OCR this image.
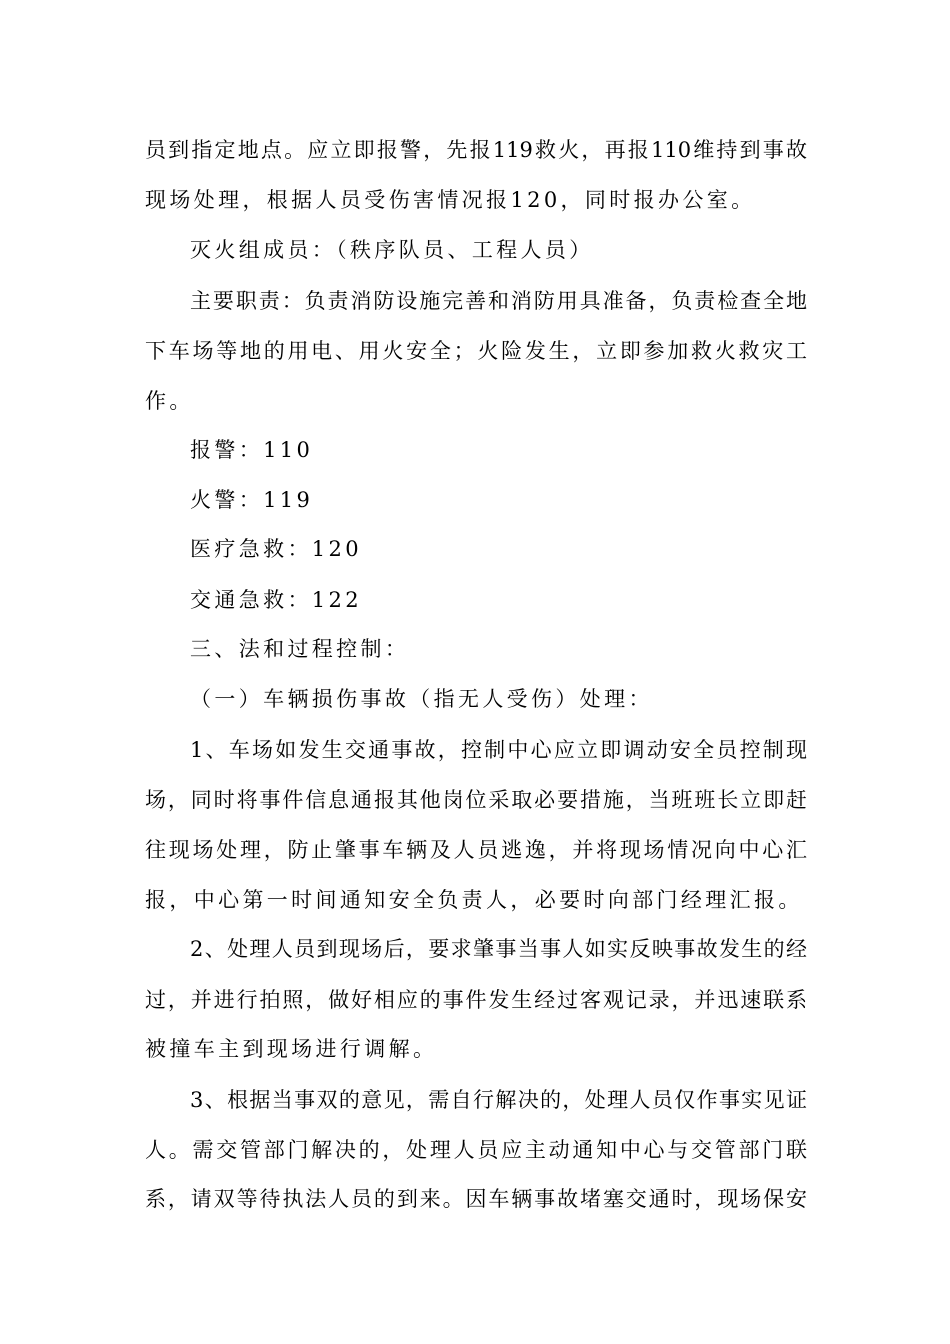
员到指定地点。应立即报警，先报119救火，再报110维持到事故
现场处理，根据人员受伤害情况报120，同时报办公室。
灭火组成员：（秩序队员、工程人员）
主要职责：负责消防设施完善和消防用具准备，负责检查全地
下车场等地的用电、用火安全；火险发生，立即参加救火救灾工
作。
报警：110
火警：119
医疗急救：120
交通急救：122
三、法和过程控制：
（一）车辆损伤事故（指无人受伤）处理：
1、车场如发生交通事故，控制中心应立即调动安全员控制现
场，同时将事件信息通报其他岗位采取必要措施，当班班长立即赶
往现场处理，防止肇事车辆及人员逃逸，并将现场情况向中心汇
报，中心第一时间通知安全负责人，必要时向部门经理汇报。
2、处理人员到现场后，要求肇事当事人如实反映事故发生的经
过，并进行拍照，做好相应的事件发生经过客观记录，并迅速联系
被撞车主到现场进行调解。
3、根据当事双的意见，需自行解决的，处理人员仅作事实见证
人。需交管部门解决的，处理人员应主动通知中心与交管部门联
系，请双等待执法人员的到来。因车辆事故堵塞交通时，现场保安
